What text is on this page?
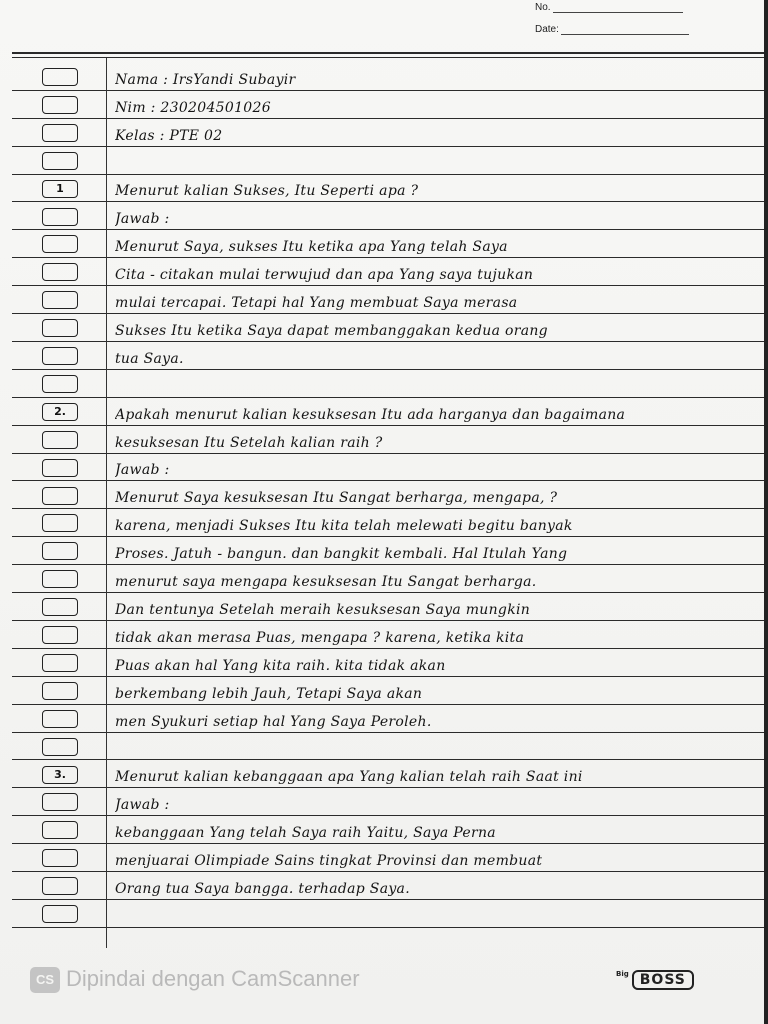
No.
Date:
Nama : IrsYandi Subayir
Nim : 230204501026
Kelas : PTE 02
1	Menurut kalian Sukses, Itu Seperti apa ?
Jawab :
Menurut Saya, sukses Itu ketika apa Yang telah Saya
Cita - citakan mulai terwujud dan apa Yang saya tujukan
mulai tercapai. Tetapi hal Yang membuat Saya merasa
Sukses Itu ketika Saya dapat membanggakan kedua orang
tua Saya.
2.	Apakah menurut kalian kesuksesan Itu ada harganya dan bagaimana
kesuksesan Itu Setelah kalian raih ?
Jawab :
Menurut Saya kesuksesan Itu Sangat berharga, mengapa, ?
karena, menjadi Sukses Itu kita telah melewati begitu banyak
Proses. Jatuh - bangun. dan bangkit kembali. Hal Itulah Yang
menurut saya mengapa kesuksesan Itu Sangat berharga.
Dan tentunya Setelah meraih kesuksesan Saya mungkin
tidak akan merasa Puas, mengapa ? karena, ketika kita
Puas akan hal Yang kita raih. kita tidak akan
berkembang lebih Jauh, Tetapi Saya akan
men Syukuri setiap hal Yang Saya Peroleh.
3.	Menurut kalian kebanggaan apa Yang kalian telah raih Saat ini
Jawab :
kebanggaan Yang telah Saya raih Yaitu, Saya Perna
menjuarai Olimpiade Sains tingkat Provinsi dan membuat
Orang tua Saya bangga. terhadap Saya.
CS Dipindai dengan CamScanner	$^{Big}$ BOSS
